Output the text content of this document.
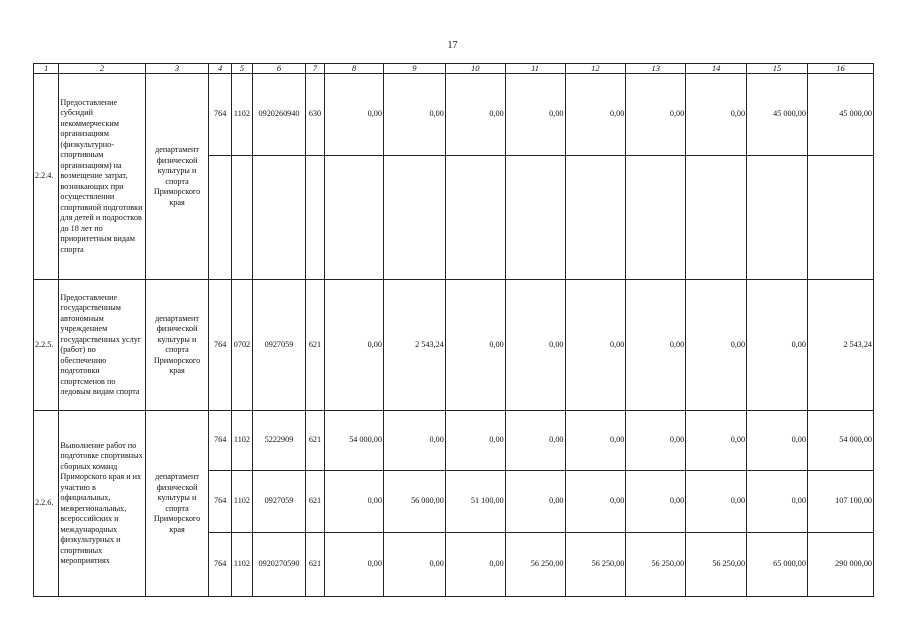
17
1	2	3	4	5	6	7	8	9	10	11	12	13	14	15	16
2.2.4.	Предоставление субсидий некоммерческим организациям (физкультурно-спортивным организациям) на возмещение затрат, возникающих при осуществлении спортивной подготовки для детей и подростков до 18 лет по приоритетным видам спорта	департамент физической культуры и спорта Приморского края	764	1102	0920260940	630	0,00	0,00	0,00	0,00	0,00	0,00	0,00	45 000,00	45 000,00

2.2.5.	Предоставление государственным автономным учреждением государственных услуг (работ) по обеспечению подготовки спортсменов по ледовым видам спорта	департамент физической культуры и спорта Приморского края	764	0702	0927059	621	0,00	2 543,24	0,00	0,00	0,00	0,00	0,00	0,00	2 543,24
2.2.6.	Выполнение работ по подготовке спортивных сборных команд Приморского края и их участию в официальных, межрегиональных, всероссийских и международных физкультурных и спортивных мероприятиях	департамент физической культуры и спорта Приморского края	764	1102	5222909	621	54 000,00	0,00	0,00	0,00	0,00	0,00	0,00	0,00	54 000,00
			764	1102	0927059	621	0,00	56 000,00	51 100,00	0,00	0,00	0,00	0,00	0,00	107 100,00
			764	1102	0920270590	621	0,00	0,00	0,00	56 250,00	56 250,00	56 250,00	56 250,00	65 000,00	290 000,00
